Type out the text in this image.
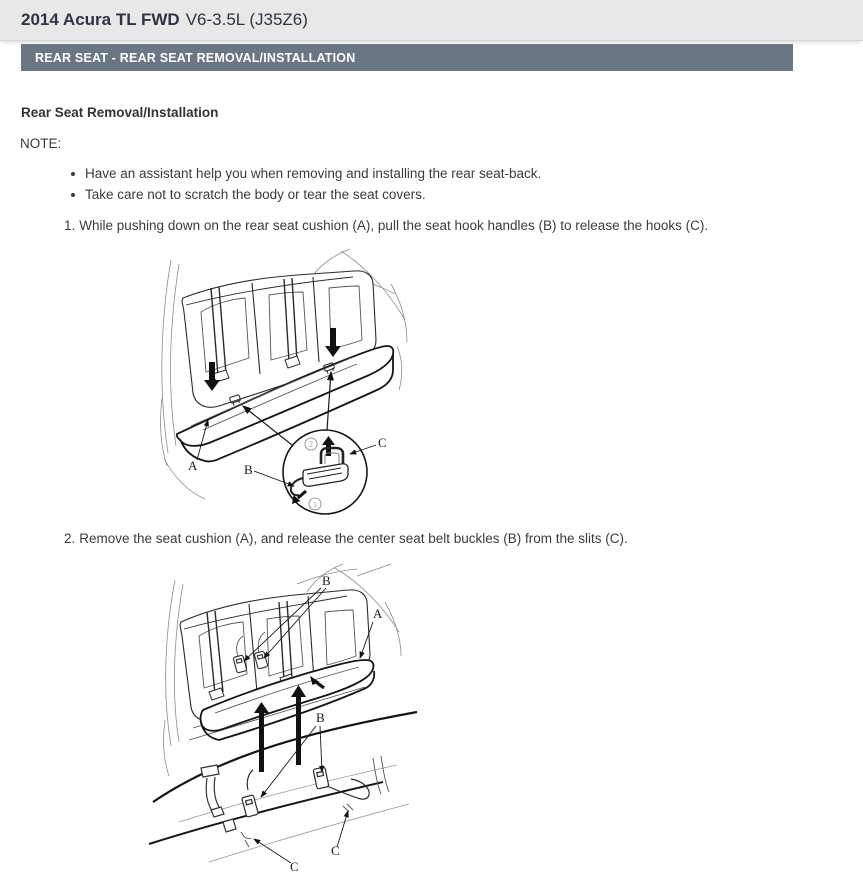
2014 Acura TL FWD V6-3.5L (J35Z6)
REAR SEAT - REAR SEAT REMOVAL/INSTALLATION
Rear Seat Removal/Installation
NOTE:
Have an assistant help you when removing and installing the rear seat-back.
Take care not to scratch the body or tear the seat covers.
1. While pushing down on the rear seat cushion (A), pull the seat hook handles (B) to release the hooks (C).
2
1
A	B
C
2. Remove the seat cushion (A), and release the center seat belt buckles (B) from the slits (C).
B
A
B
C
C
